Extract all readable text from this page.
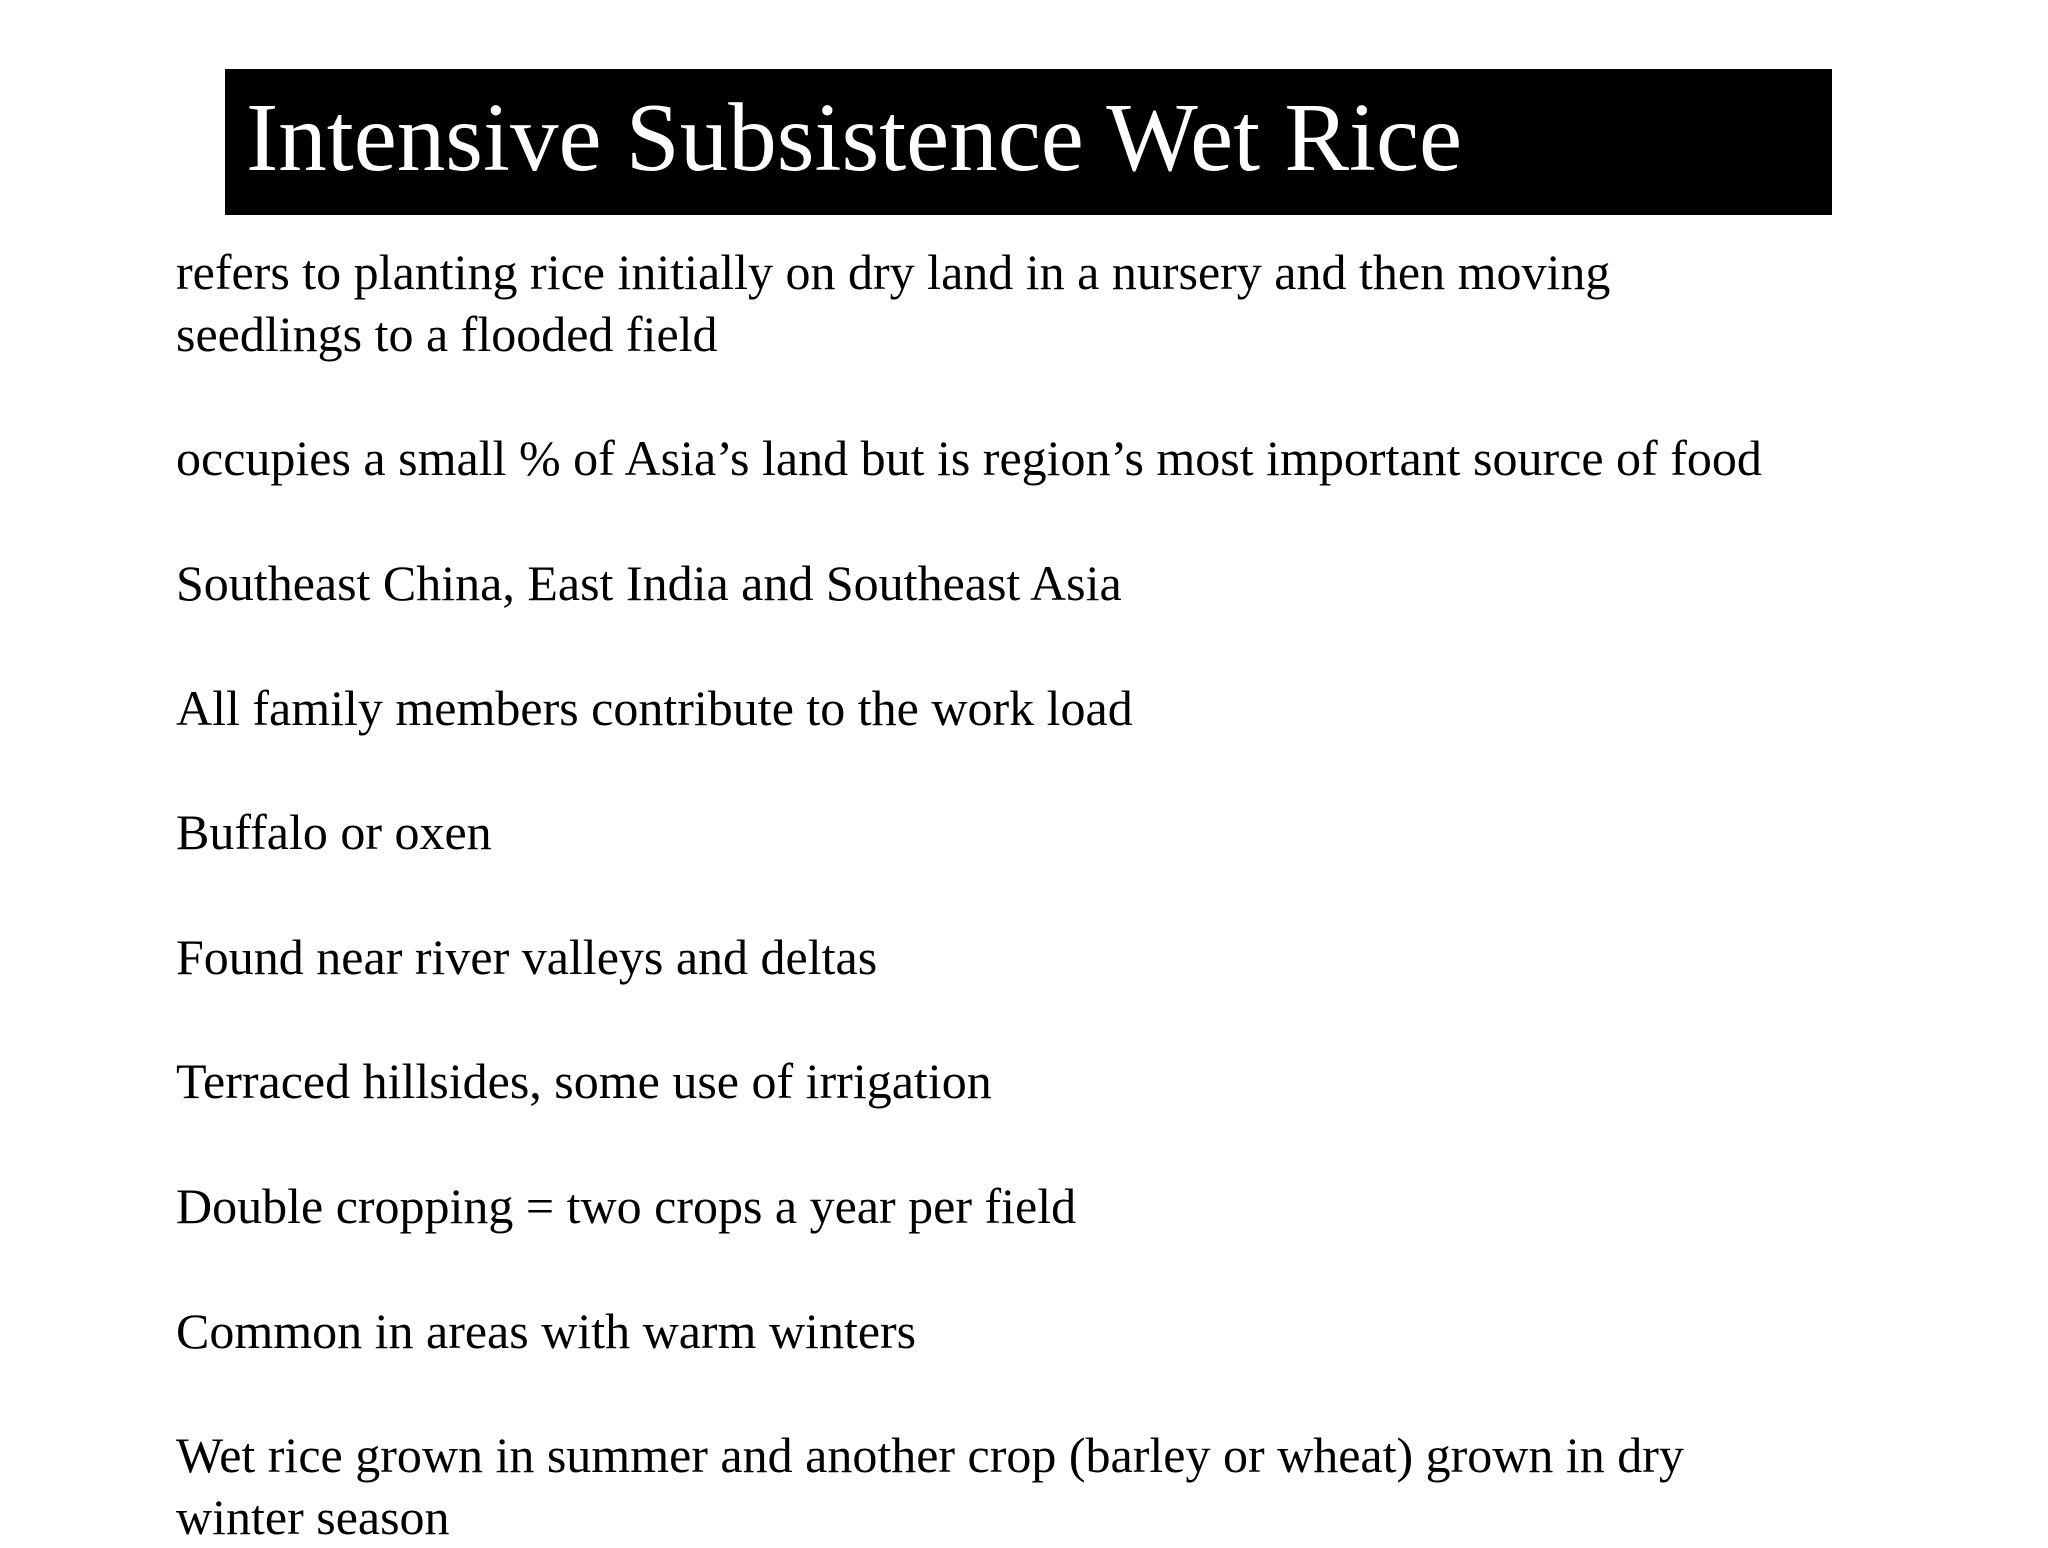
Intensive Subsistence Wet Rice
refers to planting rice initially on dry land in a nursery and then moving
seedlings to a flooded field
occupies a small % of Asia’s land but is region’s most important source of food
Southeast China, East India and Southeast Asia
All family members contribute to the work load
Buffalo or oxen
Found near river valleys and deltas
Terraced hillsides, some use of irrigation
Double cropping = two crops a year per field
Common in areas with warm winters
Wet rice grown in summer and another crop (barley or wheat) grown in dry
winter season
